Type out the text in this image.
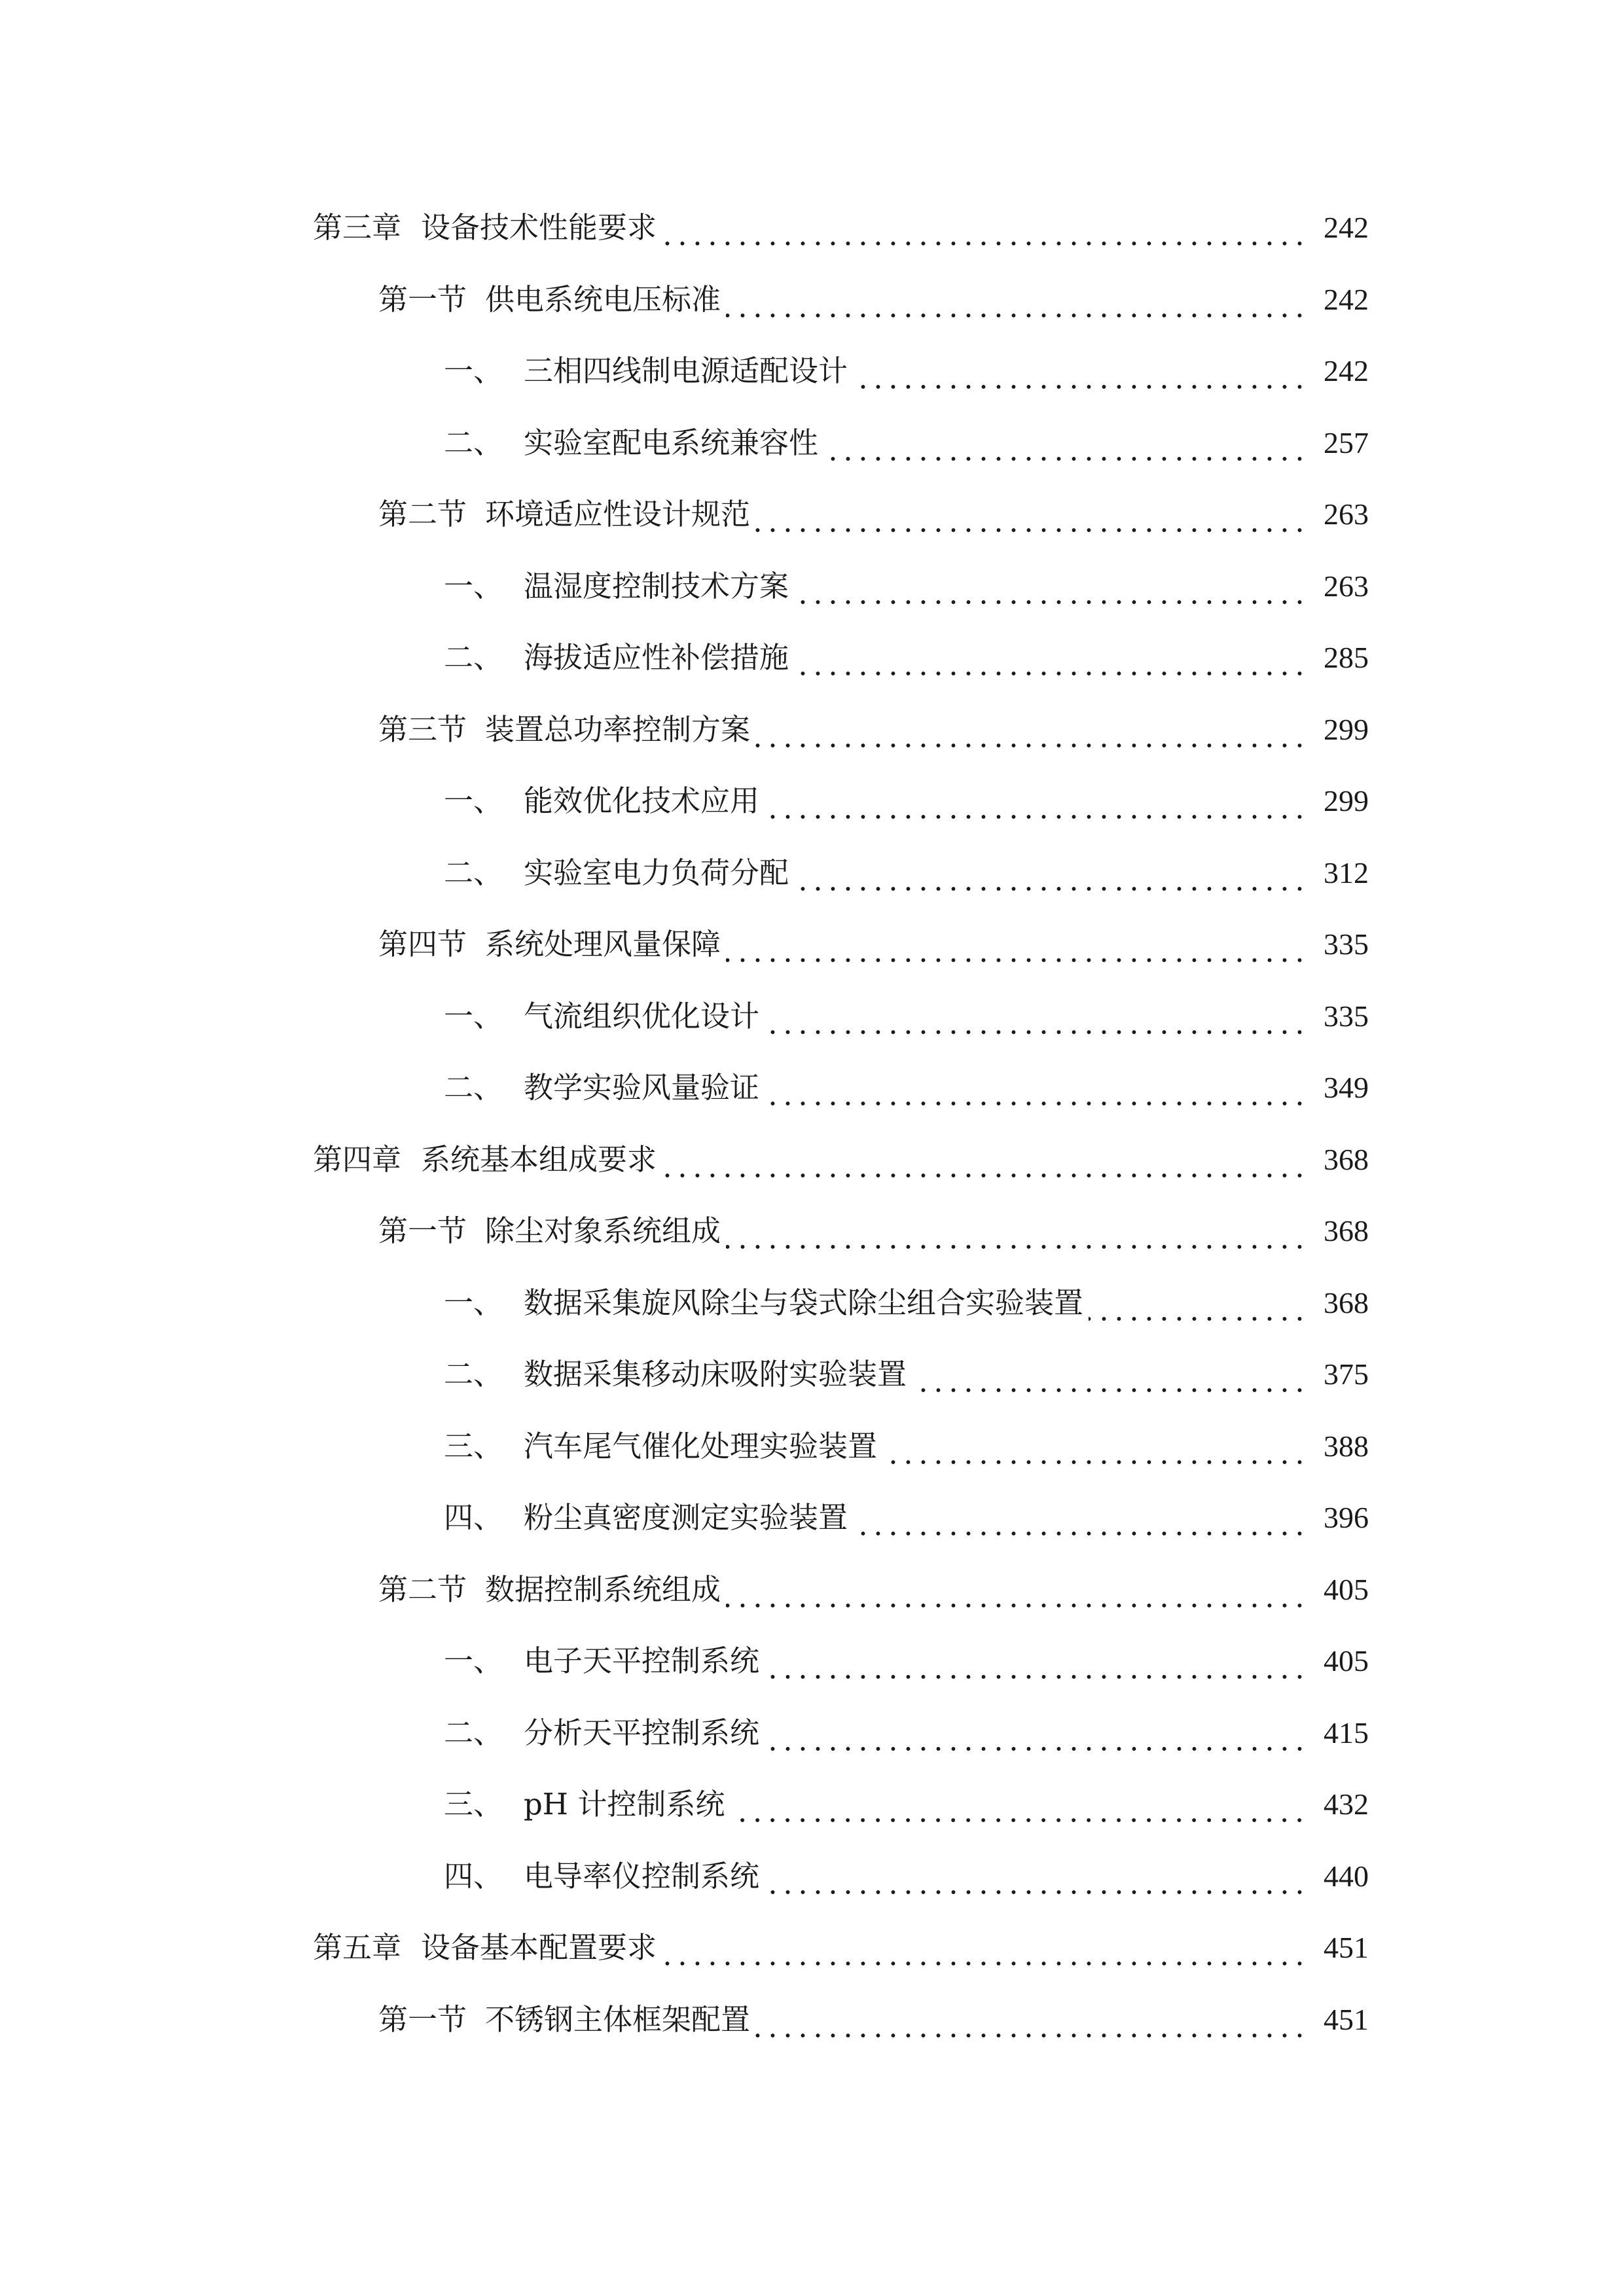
第三章 设备技术性能要求	242
第一节 供电系统电压标准	242
一、 三相四线制电源适配设计	242
二、 实验室配电系统兼容性	257
第二节 环境适应性设计规范	263
一、 温湿度控制技术方案	263
二、 海拔适应性补偿措施	285
第三节 装置总功率控制方案	299
一、 能效优化技术应用	299
二、 实验室电力负荷分配	312
第四节 系统处理风量保障	335
一、 气流组织优化设计	335
二、 教学实验风量验证	349
第四章 系统基本组成要求	368
第一节 除尘对象系统组成	368
一、 数据采集旋风除尘与袋式除尘组合实验装置	368
二、 数据采集移动床吸附实验装置	375
三、 汽车尾气催化处理实验装置	388
四、 粉尘真密度测定实验装置	396
第二节 数据控制系统组成	405
一、 电子天平控制系统	405
二、 分析天平控制系统	415
三、 pH 计控制系统	432
四、 电导率仪控制系统	440
第五章 设备基本配置要求	451
第一节 不锈钢主体框架配置	451
